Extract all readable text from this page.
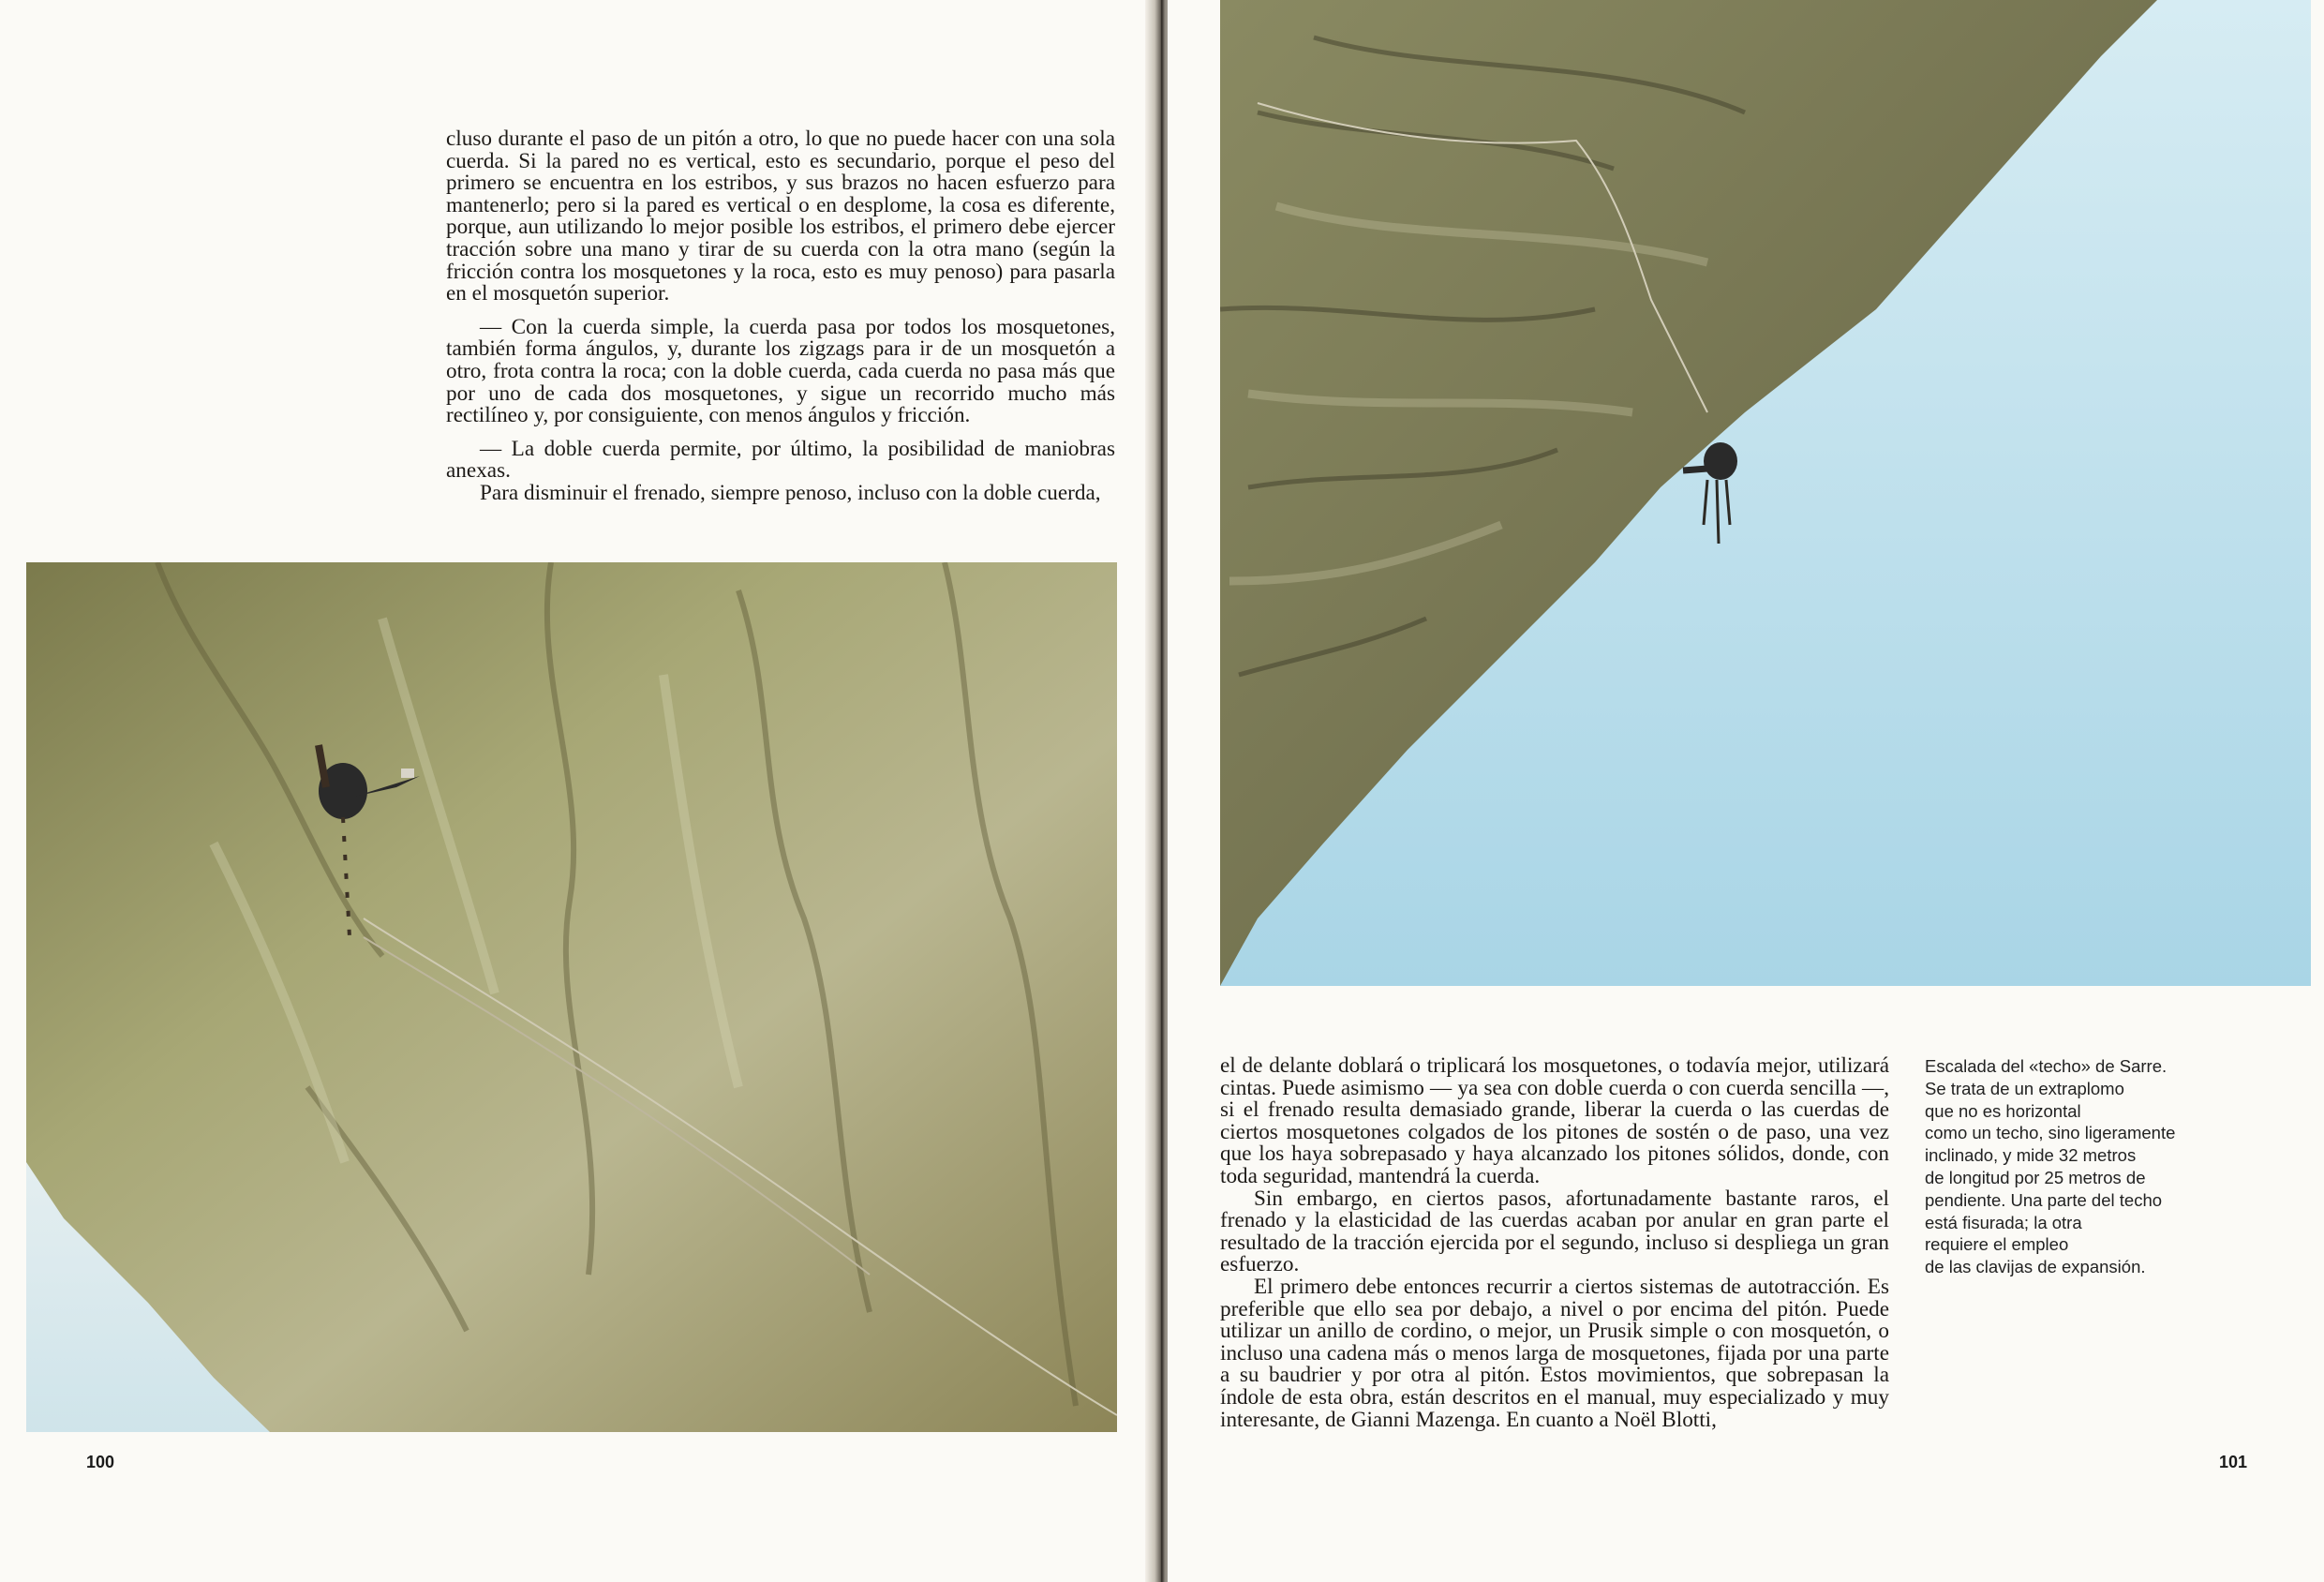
cluso durante el paso de un pitón a otro, lo que no puede hacer con una sola cuerda. Si la pared no es vertical, esto es secundario, porque el peso del primero se encuentra en los estribos, y sus brazos no hacen esfuerzo para mantenerlo; pero si la pared es vertical o en desplome, la cosa es diferente, porque, aun utilizando lo mejor posible los estribos, el primero debe ejercer tracción sobre una mano y tirar de su cuerda con la otra mano (según la fricción contra los mosquetones y la roca, esto es muy penoso) para pasarla en el mosquetón superior.

— Con la cuerda simple, la cuerda pasa por todos los mosquetones, también forma ángulos, y, durante los zigzags para ir de un mosquetón a otro, frota contra la roca; con la doble cuerda, cada cuerda no pasa más que por uno de cada dos mosquetones, y sigue un recorrido mucho más rectilíneo y, por consiguiente, con menos ángulos y fricción.

— La doble cuerda permite, por último, la posibilidad de maniobras anexas.

Para disminuir el frenado, siempre penoso, incluso con la doble cuerda,

100

el de delante doblará o triplicará los mosquetones, o todavía mejor, utilizará cintas. Puede asimismo — ya sea con doble cuerda o con cuerda sencilla —, si el frenado resulta demasiado grande, liberar la cuerda o las cuerdas de ciertos mosquetones colgados de los pitones de sostén o de paso, una vez que los haya sobrepasado y haya alcanzado los pitones sólidos, donde, con toda seguridad, mantendrá la cuerda.

Sin embargo, en ciertos pasos, afortunadamente bastante raros, el frenado y la elasticidad de las cuerdas acaban por anular en gran parte el resultado de la tracción ejercida por el segundo, incluso si despliega un gran esfuerzo.

El primero debe entonces recurrir a ciertos sistemas de autotracción. Es preferible que ello sea por debajo, a nivel o por encima del pitón. Puede utilizar un anillo de cordino, o mejor, un Prusik simple o con mosquetón, o incluso una cadena más o menos larga de mosquetones, fijada por una parte a su baudrier y por otra al pitón. Estos movimientos, que sobrepasan la índole de esta obra, están descritos en el manual, muy especializado y muy interesante, de Gianni Mazenga. En cuanto a Noël Blotti,

Escalada del «techo» de Sarre.
Se trata de un extraplomo
que no es horizontal
como un techo, sino ligeramente
inclinado, y mide 32 metros
de longitud por 25 metros de
pendiente. Una parte del techo
está fisurada; la otra
requiere el empleo
de las clavijas de expansión.
101
